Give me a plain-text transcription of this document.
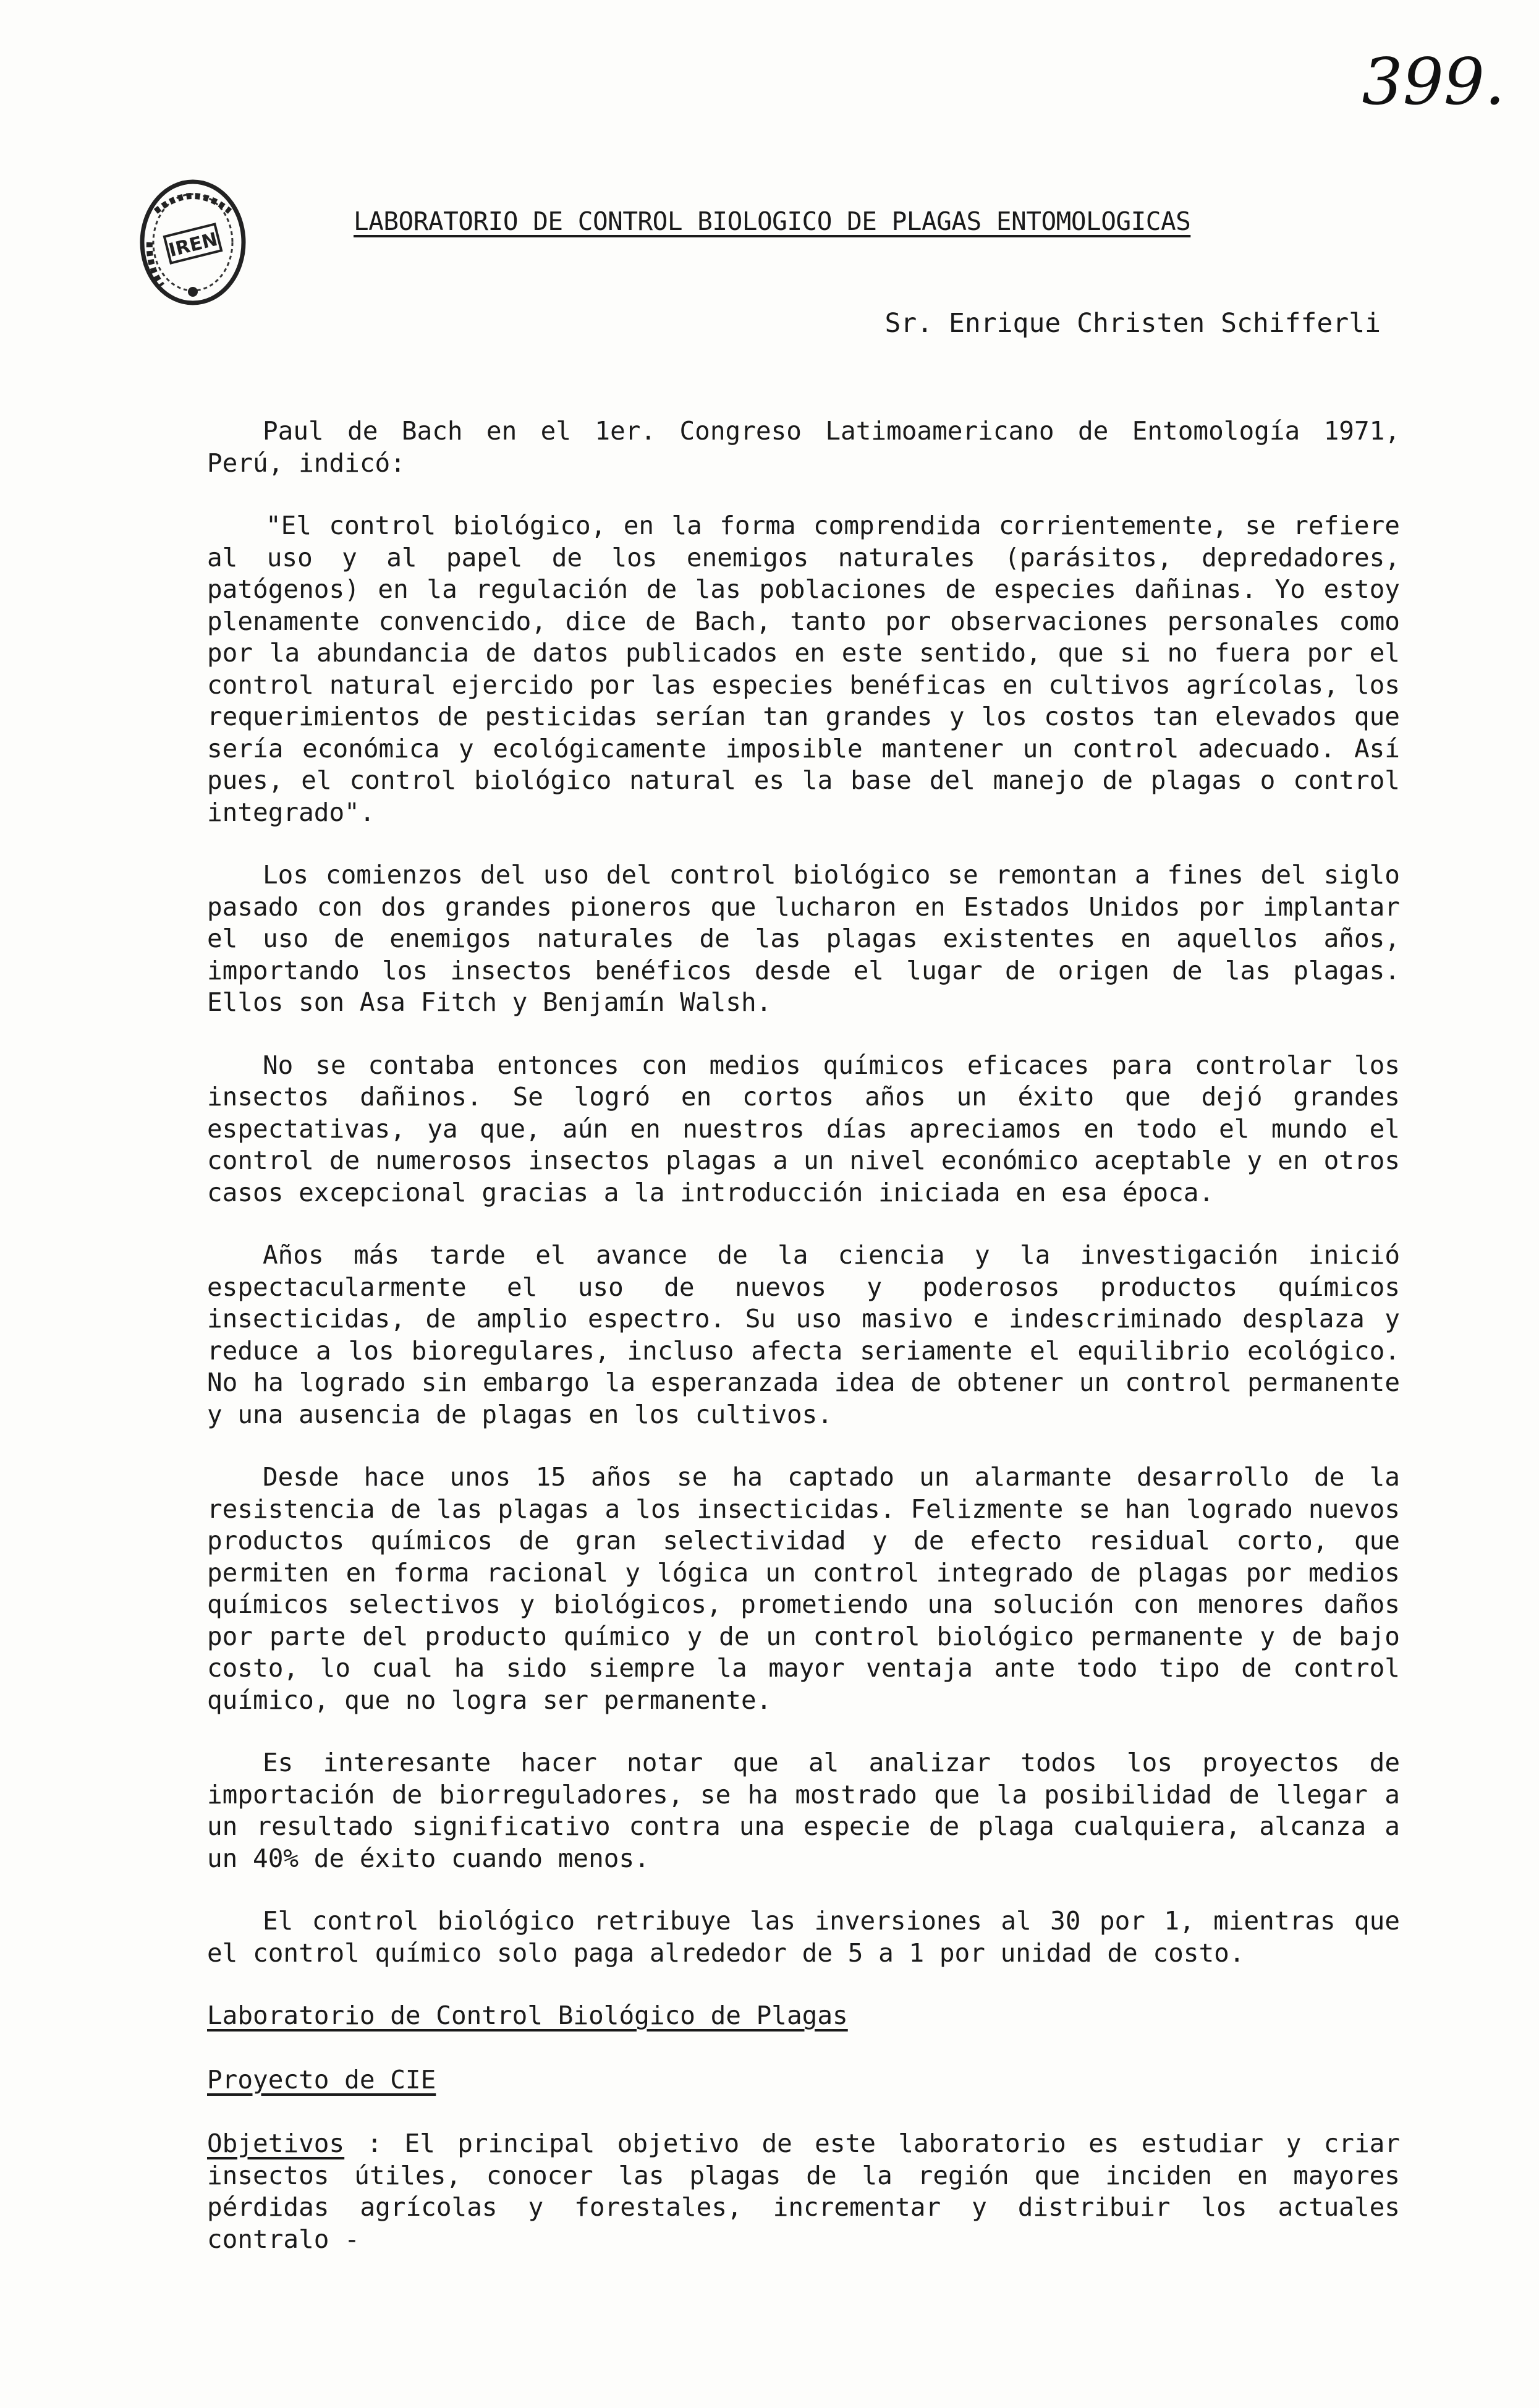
399.
IREN
LABORATORIO DE CONTROL BIOLOGICO DE PLAGAS ENTOMOLOGICAS
Sr. Enrique Christen Schifferli

Paul de Bach en el 1er. Congreso Latimoamericano de Entomología 1971, Perú, indicó:

"El control biológico, en la forma comprendida corrientemente, se refiere al uso y al papel de los enemigos naturales (parásitos, depredadores, patógenos) en la regulación de las poblaciones de especies dañinas. Yo estoy plenamente convencido, dice de Bach, tanto por observaciones personales como por la abundancia de datos publicados en este sentido, que si no fuera por el control natural ejercido por las especies benéficas en cultivos agrícolas, los requerimientos de pesticidas serían tan grandes y los costos tan elevados que sería económica y ecológicamente imposible mantener un control adecuado. Así pues, el control biológico natural es la base del manejo de plagas o control integrado".

Los comienzos del uso del control biológico se remontan a fines del siglo pasado con dos grandes pioneros que lucharon en Estados Unidos por implantar el uso de enemigos naturales de las plagas existentes en aquellos años, importando los insectos benéficos desde el lugar de origen de las plagas. Ellos son Asa Fitch y Benjamín Walsh.

No se contaba entonces con medios químicos eficaces para controlar los insectos dañinos. Se logró en cortos años un éxito que dejó grandes espectativas, ya que, aún en nuestros días apreciamos en todo el mundo el control de numerosos insectos plagas a un nivel económico aceptable y en otros casos excepcional gracias a la introducción iniciada en esa época.

Años más tarde el avance de la ciencia y la investigación inició espectacularmente el uso de nuevos y poderosos productos químicos insecticidas, de amplio espectro. Su uso masivo e indescriminado desplaza y reduce a los bioregulares, incluso afecta seriamente el equilibrio ecológico. No ha logrado sin embargo la esperanzada idea de obtener un control permanente y una ausencia de plagas en los cultivos.

Desde hace unos 15 años se ha captado un alarmante desarrollo de la resistencia de las plagas a los insecticidas. Felizmente se han logrado nuevos productos químicos de gran selectividad y de efecto residual corto, que permiten en forma racional y lógica un control integrado de plagas por medios químicos selectivos y biológicos, prometiendo una solución con menores daños por parte del producto químico y de un control biológico permanente y de bajo costo, lo cual ha sido siempre la mayor ventaja ante todo tipo de control químico, que no logra ser permanente.

Es interesante hacer notar que al analizar todos los proyectos de importación de biorreguladores, se ha mostrado que la posibilidad de llegar a un resultado significativo contra una especie de plaga cualquiera, alcanza a un 40% de éxito cuando menos.

El control biológico retribuye las inversiones al 30 por 1, mientras que el control químico solo paga alrededor de 5 a 1 por unidad de costo.

Laboratorio de Control Biológico de Plagas
Proyecto de CIE

Objetivos : El principal objetivo de este laboratorio es estudiar y criar insectos útiles, conocer las plagas de la región que inciden en mayores pérdidas agrícolas y forestales, incrementar y distribuir los actuales contralo -
